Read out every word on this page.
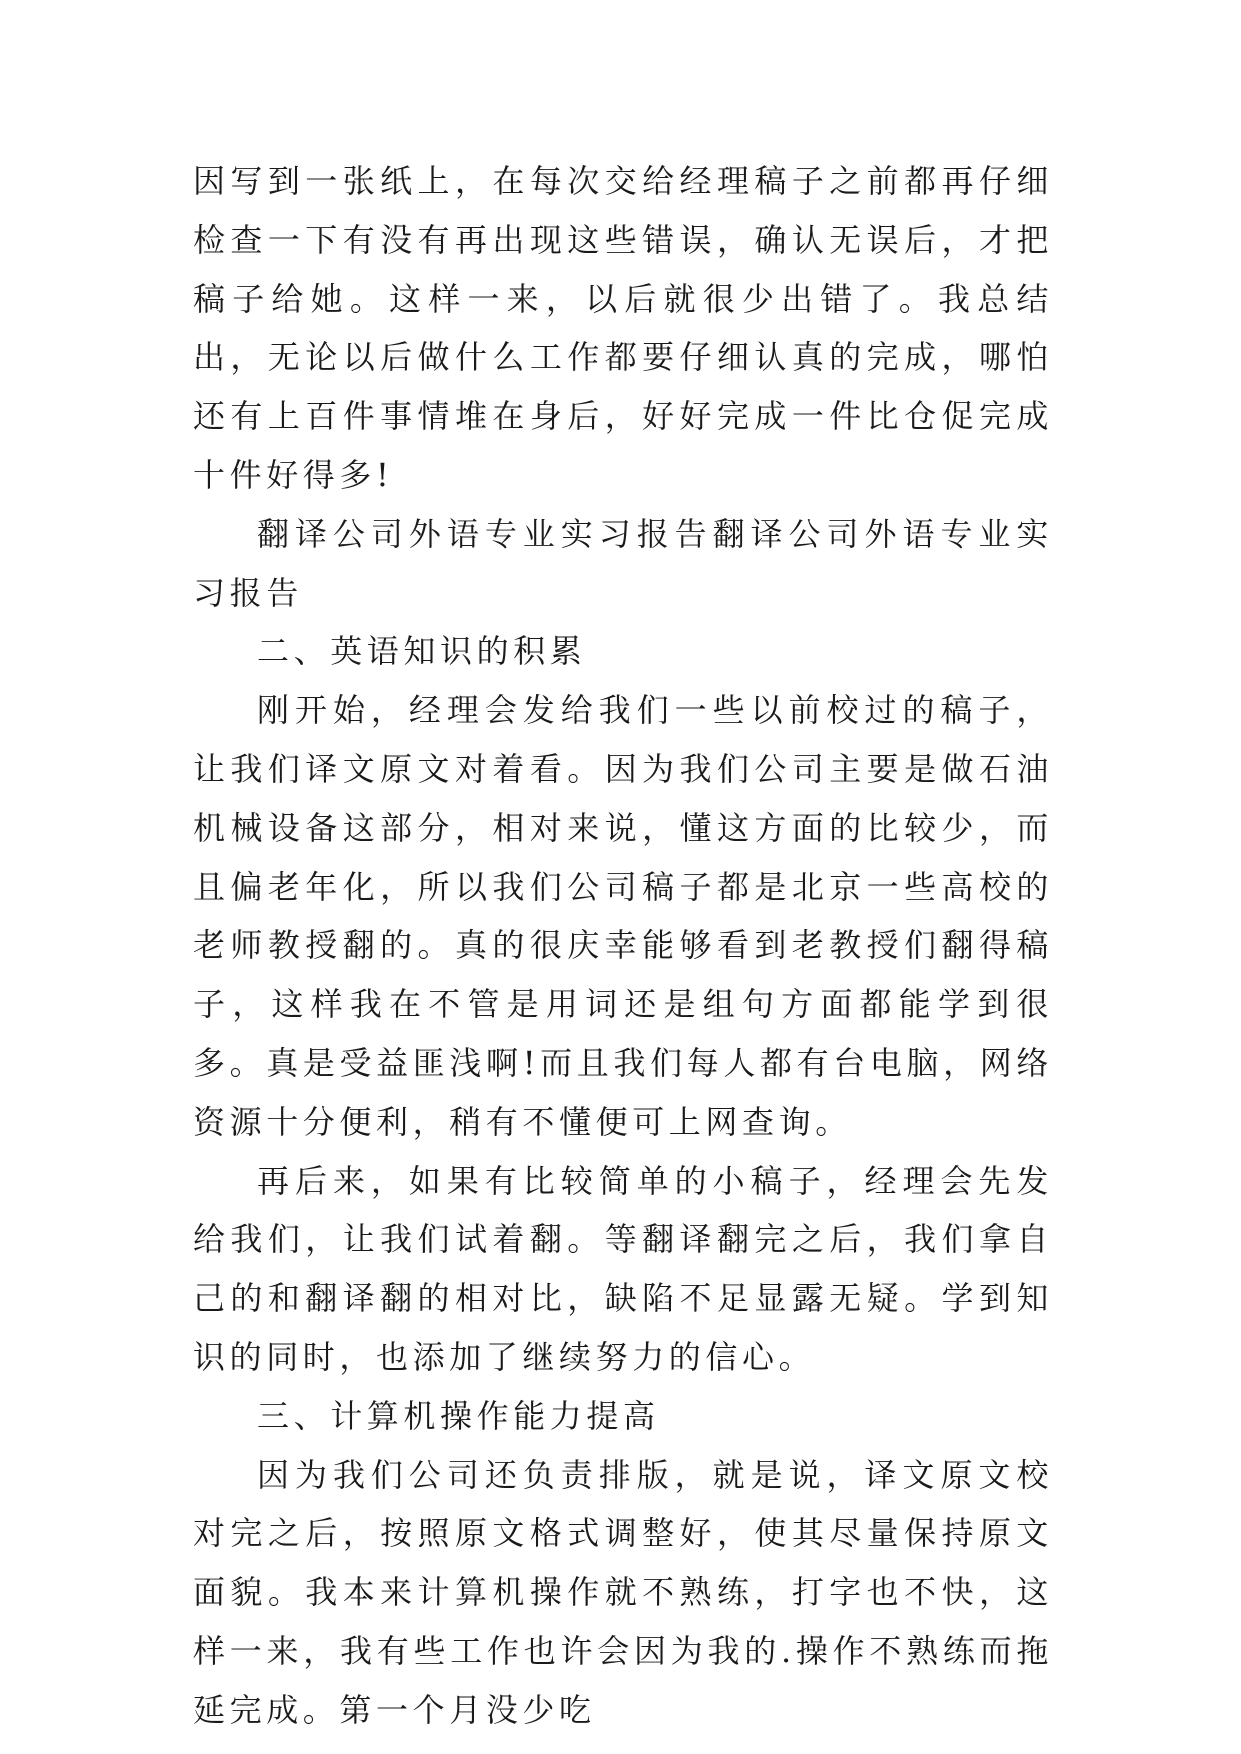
因写到一张纸上，在每次交给经理稿子之前都再仔细检查一下有没有再出现这些错误，确认无误后，才把稿子给她。这样一来，以后就很少出错了。我总结出，无论以后做什么工作都要仔细认真的完成，哪怕还有上百件事情堆在身后，好好完成一件比仓促完成十件好得多!

翻译公司外语专业实习报告翻译公司外语专业实习报告

二、英语知识的积累

刚开始，经理会发给我们一些以前校过的稿子，让我们译文原文对着看。因为我们公司主要是做石油机械设备这部分，相对来说，懂这方面的比较少，而且偏老年化，所以我们公司稿子都是北京一些高校的老师教授翻的。真的很庆幸能够看到老教授们翻得稿子，这样我在不管是用词还是组句方面都能学到很多。真是受益匪浅啊!而且我们每人都有台电脑，网络资源十分便利，稍有不懂便可上网查询。

再后来，如果有比较简单的小稿子，经理会先发给我们，让我们试着翻。等翻译翻完之后，我们拿自己的和翻译翻的相对比，缺陷不足显露无疑。学到知识的同时，也添加了继续努力的信心。

三、计算机操作能力提高

因为我们公司还负责排版，就是说，译文原文校对完之后，按照原文格式调整好，使其尽量保持原文面貌。我本来计算机操作就不熟练，打字也不快，这样一来，我有些工作也许会因为我的.操作不熟练而拖延完成。第一个月没少吃
